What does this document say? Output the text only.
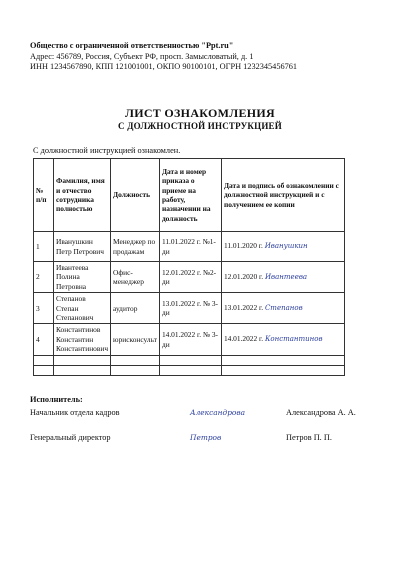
Общество с ограниченной ответственностью "Ppt.ru"
Адрес: 456789, Россия, Субъект РФ, просп. Замысловатый, д. 1
ИНН 1234567890, КПП 121001001, ОКПО 90100101, ОГРН 1232345456761
ЛИСТ ОЗНАКОМЛЕНИЯ
С ДОЛЖНОСТНОЙ ИНСТРУКЦИЕЙ
С должностной инструкцией ознакомлен.
№ п/п	Фамилия, имя и отчество сотрудника полностью	Должность	Дата и номер приказа о приеме на работу, назначении на должность	Дата и подпись об ознакомлении с должностной инструкцией и с получением ее копии
1	Иванушкин Петр Петрович	Менеджер по продажам	11.01.2022 г. №1-ди	11.01.2020 г. Иванушкин
2	Ивантеева Полина Петровна	Офис-менеджер	12.01.2022 г. №2-ди	12.01.2020 г. Ивантеева
3	Степанов Степан Степанович	аудитор	13.01.2022 г. № 3-ди	13.01.2022 г. Степанов
4	Константинов Константин Константинович	юрисконсульт	14.01.2022 г. № 3-ди	14.01.2022 г. Константинов

Исполнитель:
Начальник отдела кадров	Александрова	Александрова А. А.
Генеральный директор	Петров	Петров П. П.
